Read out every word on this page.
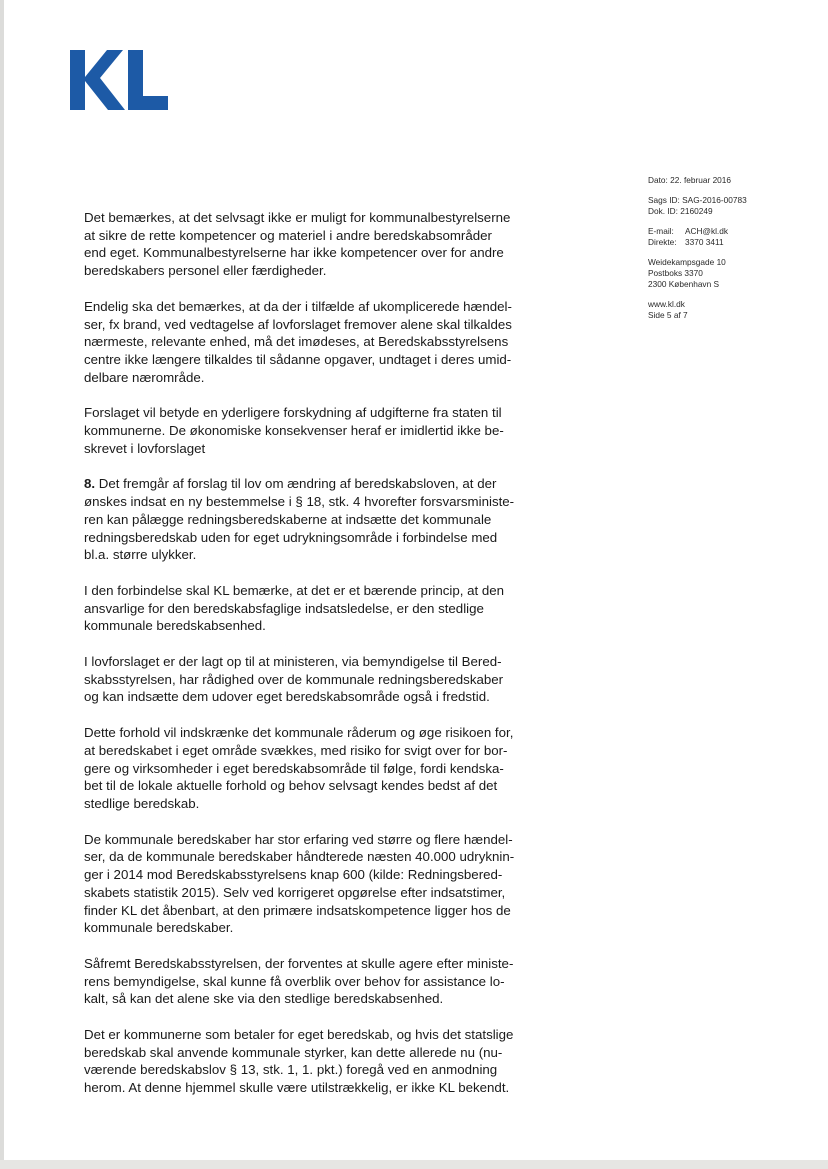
Dato: 22. februar 2016
Sags ID: SAG-2016-00783
Dok. ID: 2160249
E-mail: ACH@kl.dk
Direkte: 3370 3411
Weidekampsgade 10
Postboks 3370
2300 København S
www.kl.dk
Side 5 af 7

Det bemærkes, at det selvsagt ikke er muligt for kommunalbestyrelserne
at sikre de rette kompetencer og materiel i andre beredskabsområder
end eget. Kommunalbestyrelserne har ikke kompetencer over for andre
beredskabers personel eller færdigheder.

Endelig ska det bemærkes, at da der i tilfælde af ukomplicerede hændel-
ser, fx brand, ved vedtagelse af lovforslaget fremover alene skal tilkaldes
nærmeste, relevante enhed, må det imødeses, at Beredskabsstyrelsens
centre ikke længere tilkaldes til sådanne opgaver, undtaget i deres umid-
delbare nærområde.

Forslaget vil betyde en yderligere forskydning af udgifterne fra staten til
kommunerne. De økonomiske konsekvenser heraf er imidlertid ikke be-
skrevet i lovforslaget

8. Det fremgår af forslag til lov om ændring af beredskabsloven, at der
ønskes indsat en ny bestemmelse i § 18, stk. 4 hvorefter forsvarsministe-
ren kan pålægge redningsberedskaberne at indsætte det kommunale
redningsberedskab uden for eget udrykningsområde i forbindelse med
bl.a. større ulykker.

I den forbindelse skal KL bemærke, at det er et bærende princip, at den
ansvarlige for den beredskabsfaglige indsatsledelse, er den stedlige
kommunale beredskabsenhed.

I lovforslaget er der lagt op til at ministeren, via bemyndigelse til Bered-
skabsstyrelsen, har rådighed over de kommunale redningsberedskaber
og kan indsætte dem udover eget beredskabsområde også i fredstid.

Dette forhold vil indskrænke det kommunale råderum og øge risikoen for,
at beredskabet i eget område svækkes, med risiko for svigt over for bor-
gere og virksomheder i eget beredskabsområde til følge, fordi kendska-
bet til de lokale aktuelle forhold og behov selvsagt kendes bedst af det
stedlige beredskab.

De kommunale beredskaber har stor erfaring ved større og flere hændel-
ser, da de kommunale beredskaber håndterede næsten 40.000 udryknin-
ger i 2014 mod Beredskabsstyrelsens knap 600 (kilde: Redningsbered-
skabets statistik 2015). Selv ved korrigeret opgørelse efter indsatstimer,
finder KL det åbenbart, at den primære indsatskompetence ligger hos de
kommunale beredskaber.

Såfremt Beredskabsstyrelsen, der forventes at skulle agere efter ministe-
rens bemyndigelse, skal kunne få overblik over behov for assistance lo-
kalt, så kan det alene ske via den stedlige beredskabsenhed.

Det er kommunerne som betaler for eget beredskab, og hvis det statslige
beredskab skal anvende kommunale styrker, kan dette allerede nu (nu-
værende beredskabslov § 13, stk. 1, 1. pkt.) foregå ved en anmodning
herom. At denne hjemmel skulle være utilstrækkelig, er ikke KL bekendt.
